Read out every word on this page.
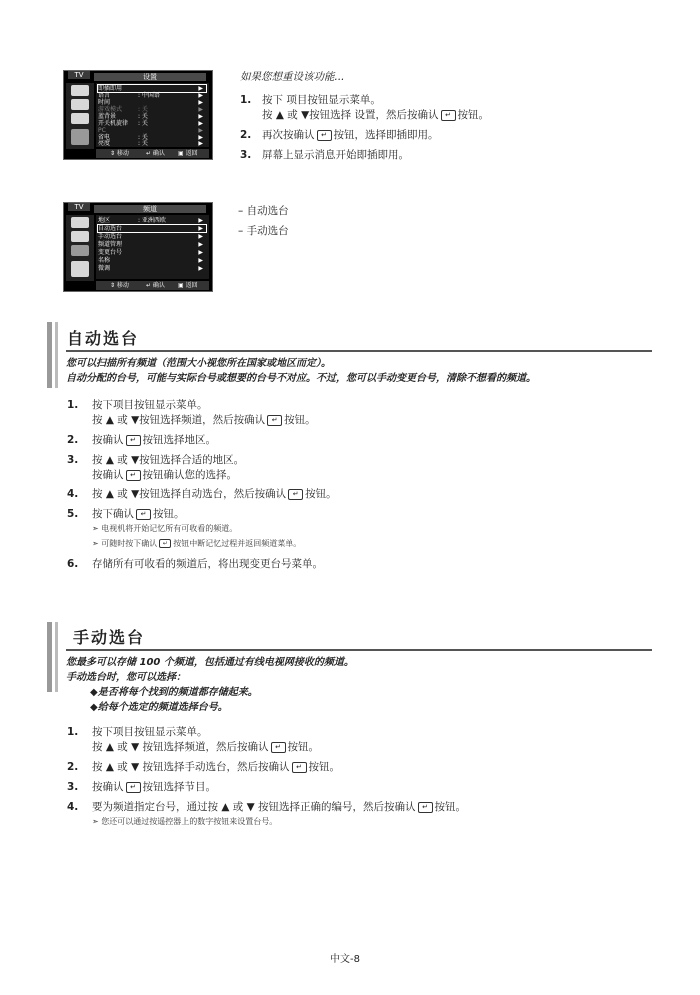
TV	设置
即插即用	▶
语言	: 中国语	▶
时间	▶
游戏模式	: 关	▶
蓝背景	: 关	▶
开关机旋律 : 关	▶
PC	▶
省电	: 关	▶
亮度	: 关	▶
⇕ 移动	↵ 确认 ▣ 返回
如果您想重设该功能...
1. 按下 项目按钮显示菜单。
按 ▲ 或 ▼按钮选择 设置，然后按确认 ↵ 按钮。
2. 再次按确认 ↵ 按钮，选择即插即用。
3. 屏幕上显示消息开始即插即用。
TV	频道
地区	: 亚洲西欧	▶
自动选台	▶
手动选台	▶
频道管理	▶
变更台号	▶
名称	▶
微调	▶
⇕ 移动	↵ 确认 ▣ 返回
– 自动选台
– 手动选台
自动选台
您可以扫描所有频道（范围大小视您所在国家或地区而定）。
自动分配的台号，可能与实际台号或想要的台号不对应。不过，您可以手动变更台号，清除不想看的频道。
1. 按下项目按钮显示菜单。
按 ▲ 或 ▼按钮选择频道，然后按确认 ↵ 按钮。
2. 按确认 ↵ 按钮选择地区。
3. 按 ▲ 或 ▼按钮选择合适的地区。
按确认 ↵ 按钮确认您的选择。
4. 按 ▲ 或 ▼按钮选择自动选台，然后按确认 ↵ 按钮。
5. 按下确认 ↵ 按钮。
➣ 电视机将开始记忆所有可收看的频道。
➣ 可随时按下确认 ↵ 按钮中断记忆过程并返回频道菜单。
6. 存储所有可收看的频道后，将出现变更台号菜单。
手动选台
您最多可以存储 100 个频道，包括通过有线电视网接收的频道。
手动选台时，您可以选择：
◆是否将每个找到的频道都存储起来。
◆给每个选定的频道选择台号。
1. 按下项目按钮显示菜单。
按 ▲ 或 ▼ 按钮选择频道，然后按确认 ↵ 按钮。
2. 按 ▲ 或 ▼ 按钮选择手动选台，然后按确认 ↵ 按钮。
3. 按确认 ↵ 按钮选择节目。
4. 要为频道指定台号，通过按 ▲ 或 ▼ 按钮选择正确的编号，然后按确认 ↵ 按钮。
➣ 您还可以通过按遥控器上的数字按钮来设置台号。
中文-8
